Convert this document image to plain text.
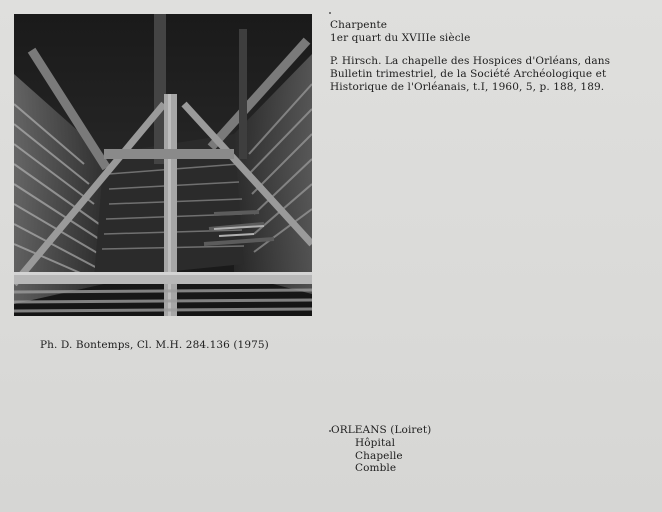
Charpente
1er quart du XVIIIe siècle
P. Hirsch. La chapelle des Hospices d'Orléans, dans
Bulletin trimestriel, de la Société Archéologique et
Historique de l'Orléanais, t.I, 1960, 5, p. 188, 189.
Ph. D. Bontemps, Cl. M.H. 284.136 (1975)
ORLEANS (Loiret)
Hôpital
Chapelle
Comble
